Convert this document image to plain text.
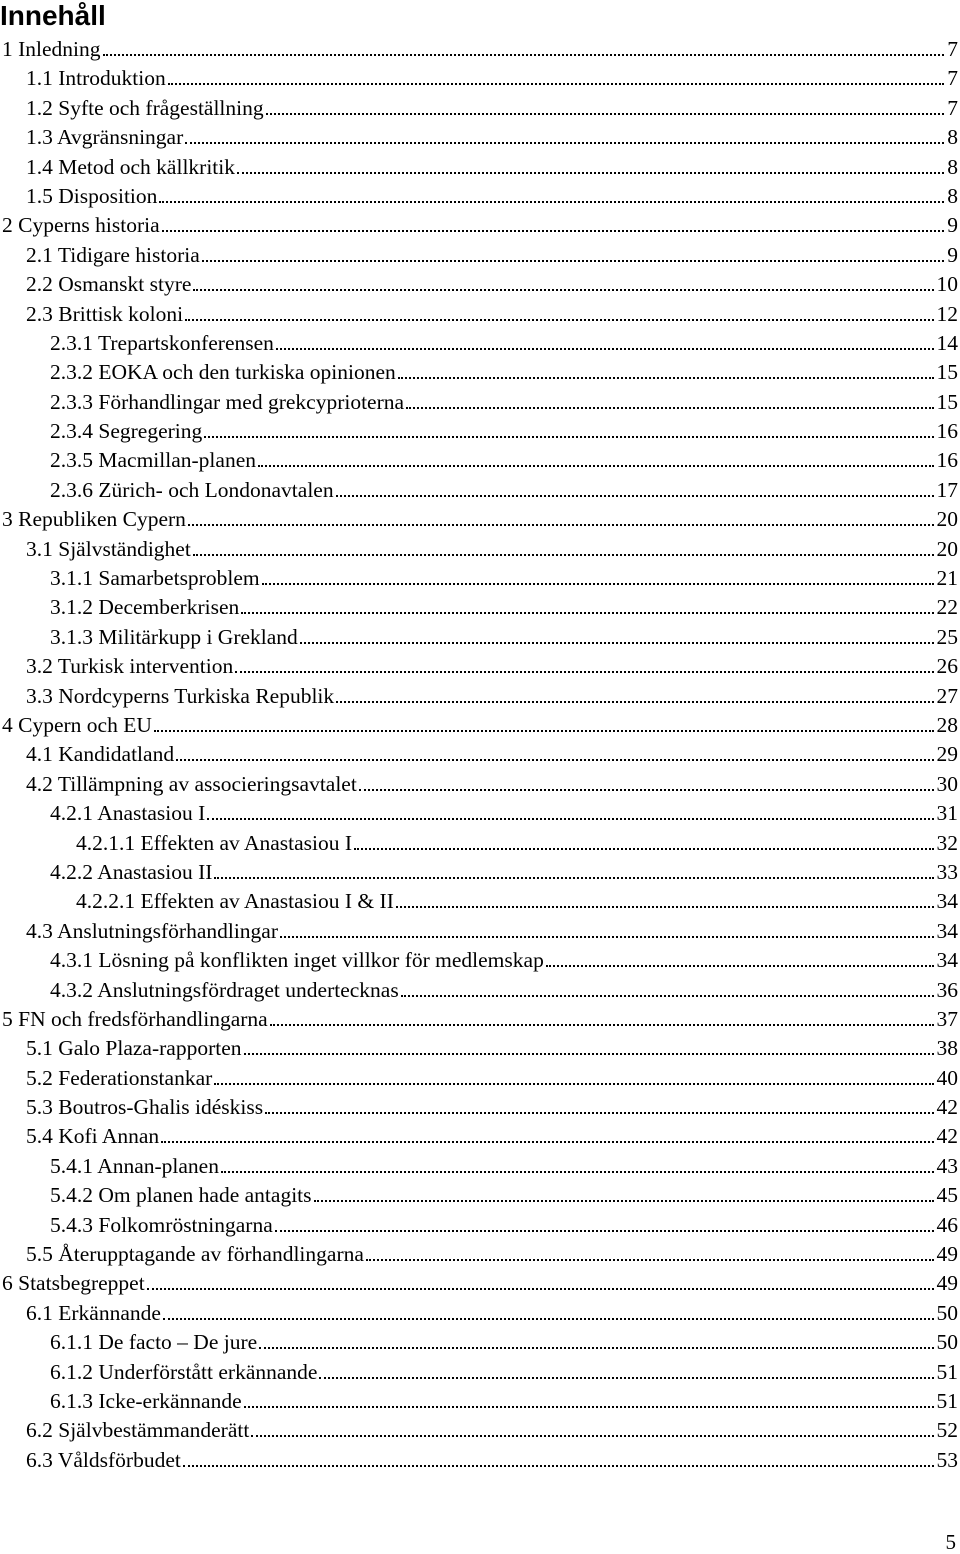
Innehåll
1 Inledning	7
1.1 Introduktion	7
1.2 Syfte och frågeställning	7
1.3 Avgränsningar	8
1.4 Metod och källkritik	8
1.5 Disposition	8
2 Cyperns historia	9
2.1 Tidigare historia	9
2.2 Osmanskt styre	10
2.3 Brittisk koloni	12
2.3.1 Trepartskonferensen	14
2.3.2 EOKA och den turkiska opinionen	15
2.3.3 Förhandlingar med grekcyprioterna	15
2.3.4 Segregering	16
2.3.5 Macmillan-planen	16
2.3.6 Zürich- och Londonavtalen	17
3 Republiken Cypern	20
3.1 Självständighet	20
3.1.1 Samarbetsproblem	21
3.1.2 Decemberkrisen	22
3.1.3 Militärkupp i Grekland	25
3.2 Turkisk intervention	26
3.3 Nordcyperns Turkiska Republik	27
4 Cypern och EU	28
4.1 Kandidatland	29
4.2 Tillämpning av associeringsavtalet	30
4.2.1 Anastasiou I	31
4.2.1.1 Effekten av Anastasiou I	32
4.2.2 Anastasiou II	33
4.2.2.1 Effekten av Anastasiou I & II	34
4.3 Anslutningsförhandlingar	34
4.3.1 Lösning på konflikten inget villkor för medlemskap	34
4.3.2 Anslutningsfördraget undertecknas	36
5 FN och fredsförhandlingarna	37
5.1 Galo Plaza-rapporten	38
5.2 Federationstankar	40
5.3 Boutros-Ghalis idéskiss	42
5.4 Kofi Annan	42
5.4.1 Annan-planen	43
5.4.2 Om planen hade antagits	45
5.4.3 Folkomröstningarna	46
5.5 Återupptagande av förhandlingarna	49
6 Statsbegreppet	49
6.1 Erkännande	50
6.1.1 De facto – De jure	50
6.1.2 Underförstått erkännande	51
6.1.3 Icke-erkännande	51
6.2 Självbestämmanderätt	52
6.3 Våldsförbudet	53
5
